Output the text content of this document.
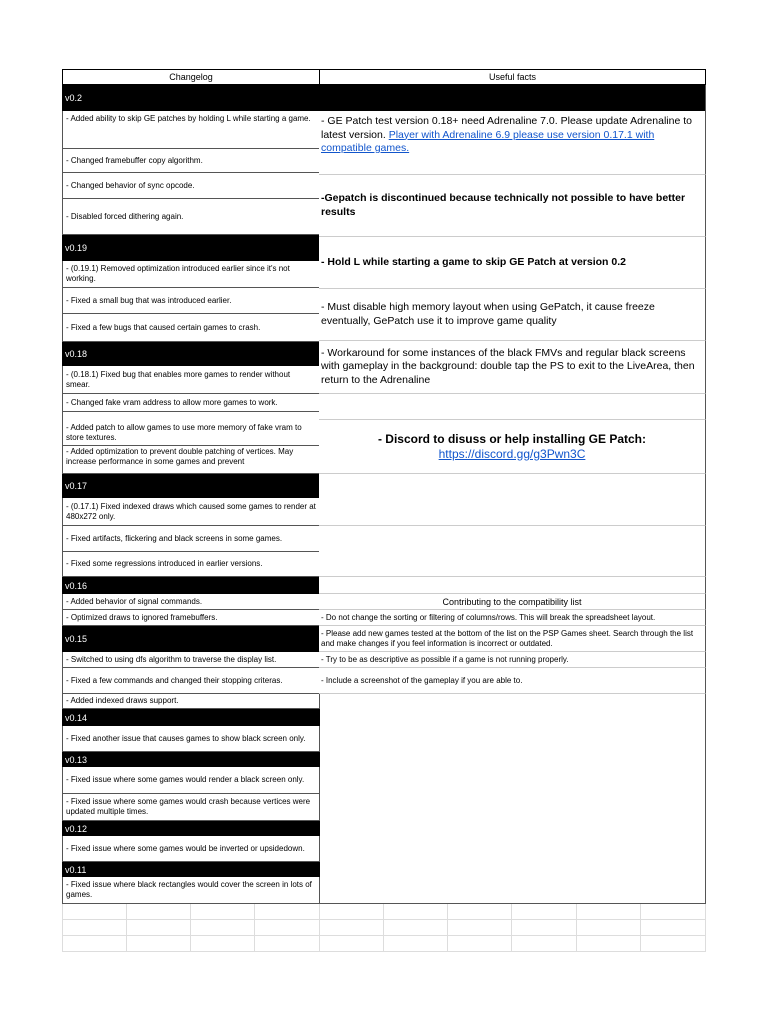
Changelog	Useful facts
v0.2
- Added ability to skip GE patches by holding L while starting a game.
- Changed framebuffer copy algorithm.
- Changed behavior of sync opcode.
- Disabled forced dithering again.
v0.19
- (0.19.1) Removed optimization introduced earlier since it's not working.
- Fixed a small bug that was introduced earlier.
- Fixed a few bugs that caused certain games to crash.
v0.18
- (0.18.1) Fixed bug that enables more games to render without smear.
- Changed fake vram address to allow more games to work.
- Added patch to allow games to use more memory of fake vram to store textures.
- Added optimization to prevent double patching of vertices. May increase performance in some games and prevent
v0.17
- (0.17.1) Fixed indexed draws which caused some games to render at 480x272 only.
- Fixed artifacts, flickering and black screens in some games.
- Fixed some regressions introduced in earlier versions.
v0.16
- Added behavior of signal commands.
- Optimized draws to ignored framebuffers.
v0.15
- Switched to using dfs algorithm to traverse the display list.
- Fixed a few commands and changed their stopping criteras.
- Added indexed draws support.
v0.14
- Fixed another issue that causes games to show black screen only.
v0.13
- Fixed issue where some games would render a black screen only.
- Fixed issue where some games would crash because vertices were updated multiple times.
v0.12
- Fixed issue where some games would be inverted or upsidedown.
v0.11
- Fixed issue where black rectangles would cover the screen in lots of games.
- GE Patch test version 0.18+ need Adrenaline 7.0. Please update Adrenaline to latest version. Player with Adrenaline 6.9 please use version 0.17.1 with compatible games.
-Gepatch is discontinued because technically not possible to have better results
- Hold L while starting a game to skip GE Patch at version 0.2
- Must disable high memory layout when using GePatch, it cause freeze eventually, GePatch use it to improve game quality
- Workaround for some instances of the black FMVs and regular black screens with gameplay in the background: double tap the PS to exit to the LiveArea, then return to the Adrenaline
- Discord to disuss or help installing GE Patch:
https://discord.gg/g3Pwn3C
Contributing to the compatibility list
- Do not change the sorting or filtering of columns/rows. This will break the spreadsheet layout.
- Please add new games tested at the bottom of the list on the PSP Games sheet. Search through the list and make changes if you feel information is incorrect or outdated.
- Try to be as descriptive as possible if a game is not running properly.
- Include a screenshot of the gameplay if you are able to.
